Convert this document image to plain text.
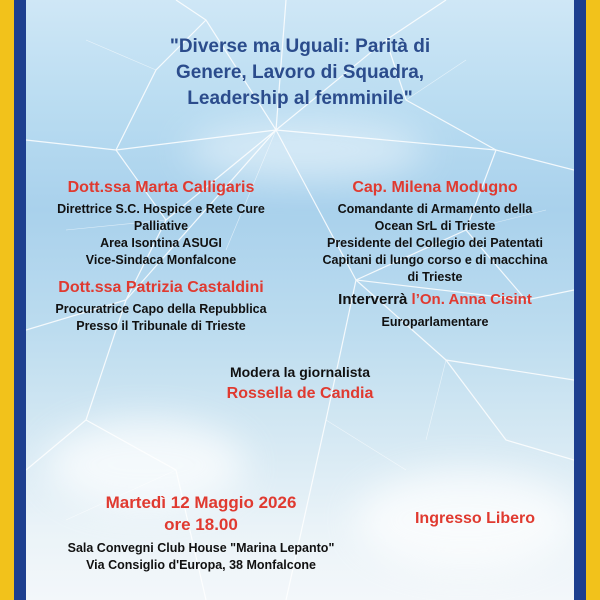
"Diverse ma Uguali: Parità di
Genere, Lavoro di Squadra,
Leadership al femminile"
Dott.ssa Marta Calligaris
Direttrice S.C. Hospice e Rete Cure
Palliative
Area Isontina ASUGI
Vice-Sindaca Monfalcone
Dott.ssa Patrizia Castaldini
Procuratrice Capo della Repubblica
Presso il Tribunale di Trieste
Cap. Milena Modugno
Comandante di Armamento della
Ocean SrL di Trieste
Presidente del Collegio dei Patentati
Capitani di lungo corso e di macchina
di Trieste
Interverrà l’On. Anna Cisint
Europarlamentare
Modera la giornalista
Rossella de Candia
Martedì 12 Maggio 2026
ore 18.00
Sala Convegni Club House "Marina Lepanto"
Via Consiglio d'Europa, 38 Monfalcone
Ingresso Libero
